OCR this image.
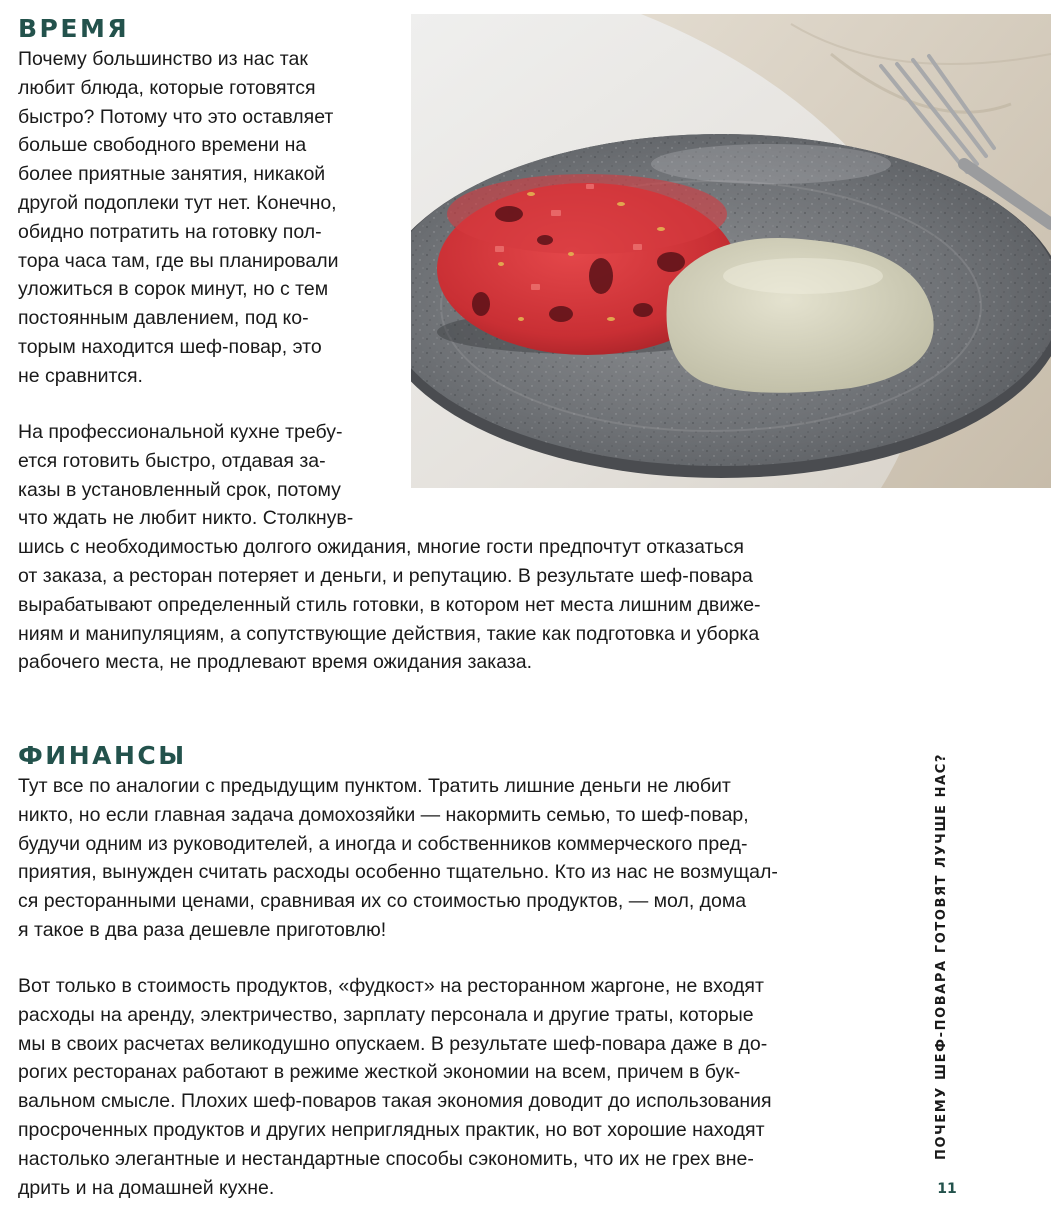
ВРЕМЯ
Почему большинство из нас так
любит блюда, которые готовятся
быстро? Потому что это оставляет
больше свободного времени на
более приятные занятия, никакой
другой подоплеки тут нет. Конечно,
обидно потратить на готовку пол-
тора часа там, где вы планировали
уложиться в сорок минут, но с тем
постоянным давлением, под ко-
торым находится шеф-повар, это
не сравнится.
На профессиональной кухне требу-
ется готовить быстро, отдавая за-
казы в установленный срок, потому
что ждать не любит никто. Столкнув-
шись с необходимостью долгого ожидания, многие гости предпочтут отказаться
от заказа, а ресторан потеряет и деньги, и репутацию. В результате шеф-повара
вырабатывают определенный стиль готовки, в котором нет места лишним движе-
ниям и манипуляциям, а сопутствующие действия, такие как подготовка и уборка
рабочего места, не продлевают время ожидания заказа.
ФИНАНСЫ
Тут все по аналогии с предыдущим пунктом. Тратить лишние деньги не любит
никто, но если главная задача домохозяйки — накормить семью, то шеф-повар,
будучи одним из руководителей, а иногда и собственников коммерческого пред-
приятия, вынужден считать расходы особенно тщательно. Кто из нас не возмущал-
ся ресторанными ценами, сравнивая их со стоимостью продуктов, — мол, дома
я такое в два раза дешевле приготовлю!
Вот только в стоимость продуктов, «фудкост» на ресторанном жаргоне, не входят
расходы на аренду, электричество, зарплату персонала и другие траты, которые
мы в своих расчетах великодушно опускаем. В результате шеф-повара даже в до-
рогих ресторанах работают в режиме жесткой экономии на всем, причем в бук-
вальном смысле. Плохих шеф-поваров такая экономия доводит до использования
просроченных продуктов и других неприглядных практик, но вот хорошие находят
настолько элегантные и нестандартные способы сэкономить, что их не грех вне-
дрить и на домашней кухне.
ПОЧЕМУ ШЕФ-ПОВАРА ГОТОВЯТ ЛУЧШЕ НАС?
11
